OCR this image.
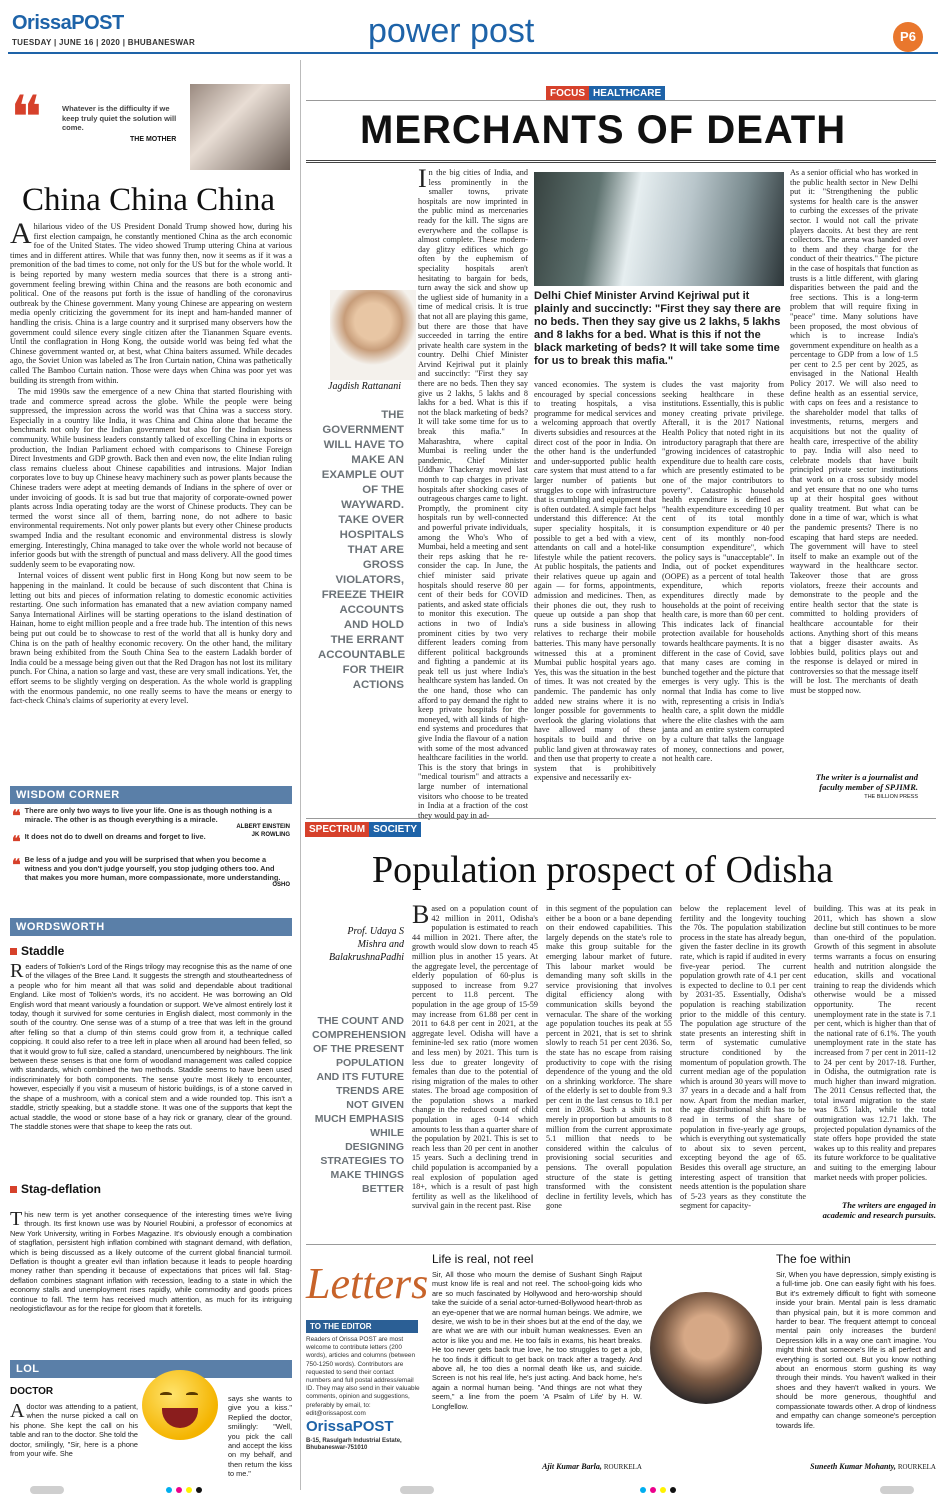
OrissaPOST
TUESDAY | JUNE 16 | 2020 | BHUBANESWAR	power post	P6
❝	Whatever is the difficulty if we keep truly quiet the solution will come.
THE MOTHER
China China China

Ahilarious video of the US President Donald Trump showed how, during his first election campaign, he constantly mentioned China as the arch economic foe of the United States. The video showed Trump uttering China at various times and in different attires. While that was funny then, now it seems as if it was a premonition of the bad times to come, not only for the US but for the whole world. It is being reported by many western media sources that there is a strong anti-government feeling brewing within China and the reasons are both economic and political. One of the reasons put forth is the issue of handling of the coronavirus outbreak by the Chinese government. Many young Chinese are appearing on western media openly criticizing the government for its inept and ham-handed manner of handling the crisis. China is a large country and it surprised many observers how the government could silence every single citizen after the Tiananmen Square events. Until the conflagration in Hong Kong, the outside world was being fed what the Chinese government wanted or, at best, what China baiters assumed. While decades ago, the Soviet Union was labeled as The Iron Curtain nation, China was pathetically called The Bamboo Curtain nation. Those were days when China was poor yet was building its strength from within.

The mid 1990s saw the emergence of a new China that started flourishing with trade and commerce spread across the globe. While the people were being suppressed, the impression across the world was that China was a success story. Especially in a country like India, it was China and China alone that became the benchmark not only for the Indian government but also for the Indian business community. While business leaders constantly talked of excelling China in exports or production, the Indian Parliament echoed with comparisons to Chinese Foreign Direct Investments and GDP growth. Back then and even now, the elite Indian ruling class remains clueless about Chinese capabilities and intrusions. Major Indian corporates love to buy up Chinese heavy machinery such as power plants because the Chinese traders were adept at meeting demands of Indians in the sphere of over or under invoicing of goods. It is sad but true that majority of corporate-owned power plants across India operating today are the worst of Chinese products. They can be termed the worst since all of them, barring none, do not adhere to basic environmental requirements. Not only power plants but every other Chinese products swamped India and the resultant economic and environmental distress is slowly emerging. Interestingly, China managed to take over the whole world not because of inferior goods but with the strength of punctual and mass delivery. All the good times suddenly seem to be evaporating now.

Internal voices of dissent went public first in Hong Kong but now seem to be happening in the mainland. It could be because of such discontent that China is letting out bits and pieces of information relating to domestic economic activities restarting. One such information has emanated that a new aviation company named Sanya International Airlines will be starting operations to the island destination of Hainan, home to eight million people and a free trade hub. The intention of this news being put out could be to showcase to rest of the world that all is hunky dory and China is on the path of healthy economic recovery. On the other hand, the military brawn being exhibited from the South China Sea to the eastern Ladakh border of India could be a message being given out that the Red Dragon has not lost its military punch. For China, a nation so large and vast, these are very small indications. Yet, the effort seems to be slightly verging on desperation. As the whole world is grappling with the enormous pandemic, no one really seems to have the means or energy to fact-check China's claims of superiority at every level.

WISDOM CORNER
❝ There are only two ways to live your life. One is as though nothing is a miracle. The other is as though everything is a miracle.
ALBERT EINSTEIN
❝ It does not do to dwell on dreams and forget to live.	JK ROWLING
❝ Be less of a judge and you will be surprised that when you become a witness and you don't judge yourself, you stop judging others too. And that makes you more human, more compassionate, more understanding.
OSHO
WORDSWORTH
Staddle
Readers of Tolkien's Lord of the Rings trilogy may recognise this as the name of one of the villages of the Bree Land. It suggests the strength and stoutheartedness of a people who for him meant all that was solid and dependable about traditional England. Like most of Tolkien's words, it's no accident. He was borrowing an Old English word that meant variously a foundation or support. We've almost entirely lost it today, though it survived for some centuries in English dialect, most commonly in the south of the country. One sense was of a stump of a tree that was left in the ground after felling so that a clump of thin stems could grow from it, a technique called coppicing. It could also refer to a tree left in place when all around had been felled, so that it would grow to full size, called a standard, unencumbered by neighbours. The link between these senses is that one form of woodland management was called coppice with standards, which combined the two methods. Staddle seems to have been used indiscriminately for both components. The sense you're most likely to encounter, however, especially if you visit a museum of historic buildings, is of a stone carved in the shape of a mushroom, with a conical stem and a wide rounded top. This isn't a staddle, strictly speaking, but a staddle stone. It was one of the supports that kept the actual staddle, the wood or stone base of a hay rick or granary, clear of the ground. The staddle stones were that shape to keep the rats out.
Stag-deflation
This new term is yet another consequence of the interesting times we're living through. Its first known use was by Nouriel Roubini, a professor of economics at New York University, writing in Forbes Magazine. It's obviously enough a combination of stagflation, persistent high inflation combined with stagnant demand, with deflation, which is being discussed as a likely outcome of the current global financial turmoil. Deflation is thought a greater evil than inflation because it leads to people hoarding money rather than spending it because of expectations that prices will fall. Stag-deflation combines stagnant inflation with recession, leading to a state in which the economy stalls and unemployment rises rapidly, while commodity and goods prices continue to fall. The term has received much attention, as much for its intriguing neologisticflavour as for the recipe for gloom that it foretells.
LOL
DOCTOR
Adoctor was attending to a patient, when the nurse picked a call on his phone. She kept the call on his table and ran to the doctor. She told the doctor, smilingly, "Sir, here is a phone from your wife. She
says she wants to give you a kiss." Replied the doctor, smilingly: "Well, you pick the call and accept the kiss on my behalf, and then return the kiss to me."
FOCUS HEALTHCARE
MERCHANTS OF DEATH
Jagdish Rattanani
THE GOVERNMENT WILL HAVE TO MAKE AN EXAMPLE OUT OF THE WAYWARD. TAKE OVER HOSPITALS THAT ARE GROSS VIOLATORS, FREEZE THEIR ACCOUNTS AND HOLD THE ERRANT ACCOUNTABLE FOR THEIR ACTIONS
In the big cities of India, and less prominently in the smaller towns, private hospitals are now imprinted in the public mind as mercenaries ready for the kill. The signs are everywhere and the collapse is almost complete. These modern-day glitzy edifices which go often by the euphemism of speciality hospitals aren't hesitating to bargain for beds, turn away the sick and show up the ugliest side of humanity in a time of medical crisis. It is true that not all are playing this game, but there are those that have succeeded in tarring the entire private health care system in the country. Delhi Chief Minister Arvind Kejriwal put it plainly and succinctly: "First they say there are no beds. Then they say give us 2 lakhs, 5 lakhs and 8 lakhs for a bed. What is this if not the black marketing of beds? It will take some time for us to break this mafia." In Maharashtra, where capital Mumbai is reeling under the pandemic, Chief Minister Uddhav Thackeray moved last month to cap charges in private hospitals after shocking cases of outrageous charges came to light. Promptly, the prominent city hospitals run by well-connected and powerful private individuals, among the Who's Who of Mumbai, held a meeting and sent their reps asking that he re-consider the cap. In June, the chief minister said private hospitals should reserve 80 per cent of their beds for COVID patients, and asked state officials to monitor this execution. The actions in two of India's prominent cities by two very different leaders coming from different political backgrounds and fighting a pandemic at its peak tell us just where India's healthcare system has landed. On the one hand, those who can afford to pay demand the right to keep private hospitals for the moneyed, with all kinds of high-end systems and procedures that give India the flavour of a nation with some of the most advanced healthcare facilities in the world. This is the story that brings in "medical tourism" and attracts a large number of international visitors who choose to be treated in India at a fraction of the cost they would pay in ad-
Delhi Chief Minister Arvind Kejriwal put it plainly and succinctly: "First they say there are no beds. Then they say give us 2 lakhs, 5 lakhs and 8 lakhs for a bed. What is this if not the black marketing of beds? It will take some time for us to break this mafia."
vanced economies. The system is encouraged by special concessions to treating hospitals, a visa programme for medical services and a welcoming approach that overtly diverts subsidies and resources at the direct cost of the poor in India. On the other hand is the underfunded and under-supported public health care system that must attend to a far larger number of patients but struggles to cope with infrastructure that is crumbling and equipment that is often outdated. A simple fact helps understand this difference: At the super speciality hospitals, it is possible to get a bed with a view, attendants on call and a hotel-like lifestyle while the patient recovers. At public hospitals, the patients and their relatives queue up again and again — for forms, appointments, admission and medicines. Then, as their phones die out, they rush to queue up outside a pan shop that runs a side business in allowing relatives to recharge their mobile batteries. This many have personally witnessed this at a prominent Mumbai public hospital years ago. Yes, this was the situation in the best of times. It was not created by the pandemic. The pandemic has only added new strains where it is no longer possible for governments to overlook the glaring violations that have allowed many of these hospitals to build and thrive on public land given at throwaway rates and then use that property to create a system that is prohibitively expensive and necessarily ex-
cludes the vast majority from seeking healthcare in these institutions. Essentially, this is public money creating private privilege. Afterall, it is the 2017 National Health Policy that noted right in its introductory paragraph that there are "growing incidences of catastrophic expenditure due to health care costs, which are presently estimated to be one of the major contributors to poverty". Catastrophic household health expenditure is defined as "health expenditure exceeding 10 per cent of its total monthly consumption expenditure or 40 per cent of its monthly non-food consumption expenditure", which the policy says is "unacceptable". In India, out of pocket expenditures (OOPE) as a percent of total health expenditure, which reports expenditures directly made by households at the point of receiving health care, is more than 60 per cent. This indicates lack of financial protection available for households towards healthcare payments. It is no different in the case of Covid, save that many cases are coming in bunched together and the picture that emerges is very ugly. This is the normal that India has come to live with, representing a crisis in India's health care, a split down the middle where the elite clashes with the aam janta and an entire system corrupted by a culture that talks the language of money, connections and power, not health care.
As a senior official who has worked in the public health sector in New Delhi put it: "Strengthening the public systems for health care is the answer to curbing the excesses of the private sector. I would not call the private players dacoits. At best they are rent collectors. The arena was handed over to them and they charge for the conduct of their theatrics." The picture in the case of hospitals that function as trusts is a little different, with glaring disparities between the paid and the free sections. This is a long-term problem that will require fixing in "peace" time. Many solutions have been proposed, the most obvious of which is to increase India's government expenditure on health as a percentage to GDP from a low of 1.5 per cent to 2.5 per cent by 2025, as envisaged in the National Health Policy 2017. We will also need to define health as an essential service, with caps on fees and a resistance to the shareholder model that talks of investments, returns, mergers and acquisitions but not the quality of health care, irrespective of the ability to pay. India will also need to celebrate models that have built principled private sector institutions that work on a cross subsidy model and yet ensure that no one who turns up at their hospital goes without quality treatment. But what can be done in a time of war, which is what the pandemic presents? There is no escaping that hard steps are needed. The government will have to steel itself to make an example out of the wayward in the healthcare sector. Takeover those that are gross violators, freeze their accounts and demonstrate to the people and the entire health sector that the state is committed to holding providers of healthcare accountable for their actions. Anything short of this means that a bigger disaster awaits. As lobbies build, politics plays out and the response is delayed or mired in controversies so that the message itself will be lost. The merchants of death must be stopped now.
The writer is a journalist and faculty member of SPJIMR.
THE BILLION PRESS
SPECTRUM SOCIETY
Population prospect of Odisha
Prof. Udaya S Mishra and BalakrushnaPadhi
THE COUNT AND COMPREHENSION OF THE PRESENT POPULATION AND ITS FUTURE TRENDS ARE NOT GIVEN MUCH EMPHASIS WHILE DESIGNING STRATEGIES TO MAKE THINGS BETTER
Based on a population count of 42 million in 2011, Odisha's population is estimated to reach 44 million in 2021. There after, the growth would slow down to reach 45 million plus in another 15 years. At the aggregate level, the percentage of elderly population of 60-plus is supposed to increase from 9.27 percent to 11.8 percent. The population in the age group of 15-59 may increase from 61.88 per cent in 2011 to 64.8 per cent in 2021, at the aggregate level. Odisha will have a feminine-led sex ratio (more women and less men) by 2021. This turn is less due to greater longevity of females than due to the potential of rising migration of the males to other states. The broad age composition of the population shows a marked change in the reduced count of child population in ages 0-14 which amounts to less than a quarter share of the population by 2021. This is set to reach less than 20 per cent in another 15 years. Such a declining trend in child population is accompanied by a real explosion of population aged 18+, which is a result of past high fertility as well as the likelihood of survival gain in the recent past. Rise
in this segment of the population can either be a boon or a bane depending on their endowed capabilities. This largely depends on the state's role to make this group suitable for the emerging labour market of future. This labour market would be demanding many soft skills in the service provisioning that involves digital efficiency along with communication skills beyond the vernacular. The share of the working age population touches its peak at 55 percent in 2021, that is set to shrink slowly to reach 51 per cent 2036. So, the state has no escape from raising productivity to cope with the rising dependence of the young and the old on a shrinking workforce. The share of the elderly is set to double from 9.3 per cent in the last census to 18.1 per cent in 2036. Such a shift is not merely in proportion but amounts to 8 million from the current approximate 5.1 million that needs to be considered within the calculus of provisioning social securities and pensions. The overall population structure of the state is getting transformed with the consistent decline in fertility levels, which has gone
below the replacement level of fertility and the longevity touching the 70s. The population stabilization process in the state has already begun, given the faster decline in its growth rate, which is rapid if audited in every five-year period. The current population growth rate of 4.1 per cent is expected to decline to 0.1 per cent by 2031-35. Essentially, Odisha's population is reaching stabilization prior to the middle of this century. The population age structure of the state presents an interesting shift in term of systematic cumulative structure conditioned by the momentum of population growth. The current median age of the population which is around 30 years will move to 37 years in a decade and a half from now. Apart from the median marker, the age distributional shift has to be read in terms of the share of population in five-yearly age groups, which is everything out systematically to about six to seven percent, excepting beyond the age of 65. Besides this overall age structure, an interesting aspect of transition that needs attention is the population share of 5-23 years as they constitute the segment for capacity-
building. This was at its peak in 2011, which has shown a slow decline but still continues to be more than one-third of the population. Growth of this segment in absolute terms warrants a focus on ensuring health and nutrition alongside the education, skills and vocational training to reap the dividends which otherwise would be a missed opportunity. The recent unemployment rate in the state is 7.1 per cent, which is higher than that of the national rate of 6.1%. The youth unemployment rate in the state has increased from 7 per cent in 2011-12 to 24 per cent by 2017-18. Further, in Odisha, the outmigration rate is much higher than inward migration. The 2011 Census reflected that, the total inward migration to the state was 8.55 lakh, while the total outmigration was 12.71 lakh. The projected population dynamics of the state offers hope provided the state wakes up to this reality and prepares its future workforce to be qualitative and suiting to the emerging labour market needs with proper policies.
The writers are engaged in academic and research pursuits.
Letters
TO THE EDITOR
Readers of Orissa POST are most welcome to contribute letters (200 words), articles and columns (between 750-1250 words). Contributors are requested to send their contact numbers and full postal address/email ID. They may also send in their valuable comments, opinion and suggestions, preferably by email, to: edit@orissapost.com
OrissaPOST
B-15, Rasulgarh Industrial Estate, Bhubaneswar-751010
Life is real, not reel
Sir, All those who mourn the demise of Sushant Singh Rajput must know life is real and not reel. The school-going kids who are so much fascinated by Hollywood and hero-worship should take the suicide of a serial actor-turned-Bollywood heart-throb as an eye-opener that we are normal human beings. We admire, we desire, we wish to be in their shoes but at the end of the day, we are what we are with our inbuilt human weaknesses. Even an actor is like you and me. He too fails in exams, his heart breaks. He too never gets back true love, he too struggles to get a job, he too finds it difficult to get back on track after a tragedy. And above all, he too dies a normal death like us, and suicide. Screen is not his real life, he's just acting. And back home, he's again a normal human being. "And things are not what they seem," a line from the poem 'A Psalm of Life' by H. W. Longfellow.
Ajit Kumar Barla, ROURKELA
The foe within
Sir, When you have depression, simply existing is a full-time job. One can easily fight with his foes. But it's extremely difficult to fight with someone inside your brain. Mental pain is less dramatic than physical pain, but it is more common and harder to bear. The frequent attempt to conceal mental pain only increases the burden! Depression kills in a way one can't imagine. You might think that someone's life is all perfect and everything is sorted out. But you know nothing about an enormous storm gushing its way through their minds. You haven't walked in their shoes and they haven't walked in yours. We should be more generous, thoughtful and compassionate towards other. A drop of kindness and empathy can change someone's perception towards life.
Suneeth Kumar Mohanty, ROURKELA
